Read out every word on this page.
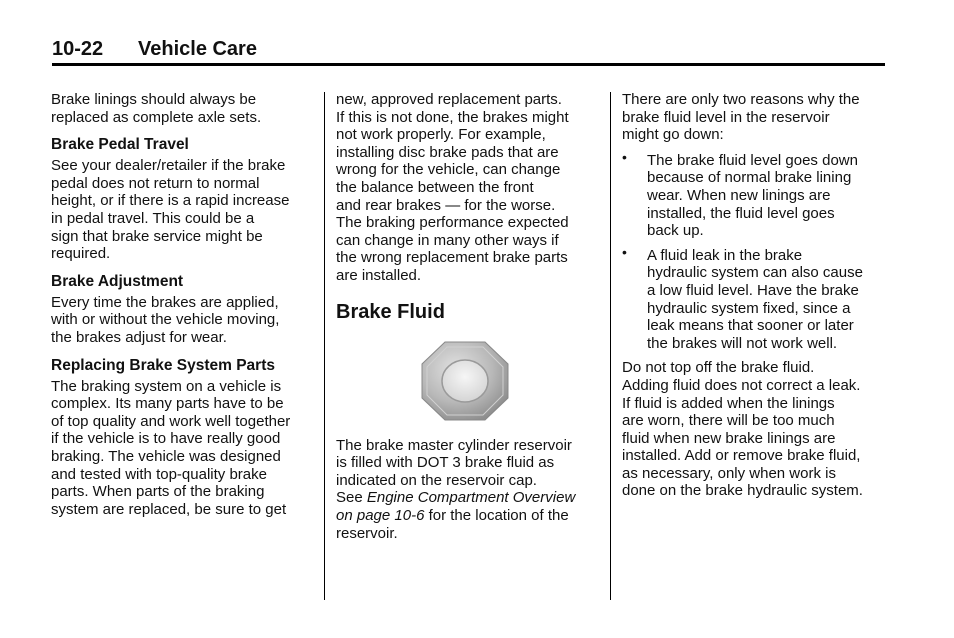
10-22 Vehicle Care

Brake linings should always be

replaced as complete axle sets.

Brake Pedal Travel

See your dealer/retailer if the brake

pedal does not return to normal

height, or if there is a rapid increase

in pedal travel. This could be a

sign that brake service might be

required.

Brake Adjustment

Every time the brakes are applied,

with or without the vehicle moving,

the brakes adjust for wear.

Replacing Brake System Parts

The braking system on a vehicle is

complex. Its many parts have to be

of top quality and work well together

if the vehicle is to have really good

braking. The vehicle was designed

and tested with top-quality brake

parts. When parts of the braking

system are replaced, be sure to get

new, approved replacement parts.

If this is not done, the brakes might

not work properly. For example,

installing disc brake pads that are

wrong for the vehicle, can change

the balance between the front

and rear brakes — for the worse.

The braking performance expected

can change in many other ways if

the wrong replacement brake parts

are installed.

Brake Fluid

The brake master cylinder reservoir

is filled with DOT 3 brake fluid as

indicated on the reservoir cap.

See Engine Compartment Overview

on page 10-6 for the location of the

reservoir.

There are only two reasons why the

brake fluid level in the reservoir

might go down:

• The brake fluid level goes down

because of normal brake lining

wear. When new linings are

installed, the fluid level goes

back up.

• A fluid leak in the brake

hydraulic system can also cause

a low fluid level. Have the brake

hydraulic system fixed, since a

leak means that sooner or later

the brakes will not work well.

Do not top off the brake fluid.

Adding fluid does not correct a leak.

If fluid is added when the linings

are worn, there will be too much

fluid when new brake linings are

installed. Add or remove brake fluid,

as necessary, only when work is

done on the brake hydraulic system.
